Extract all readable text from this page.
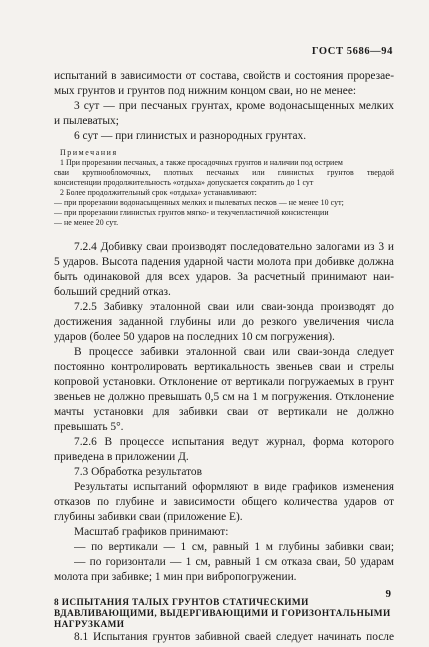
ГОСТ 5686—94
испытаний в зависимости от состава, свойств и состояния прорезае-
мых грунтов и грунтов под нижним концом сваи, но не менее:
3 сут — при песчаных грунтах, кроме водонасыщенных мелких
и пылеватых;
6 сут — при глинистых и разнородных грунтах.
Примечания
1 При прорезании песчаных, а также просадочных грунтов и наличии под острием
сваи крупнообломочных, плотных песчаных или глинистых грунтов твердой
консистенции продолжительность «отдыха» допускается сократить до 1 сут
2 Более продолжительный срок «отдыха» устанавливают:
— при прорезании водонасыщенных мелких и пылеватых песков — не менее 10 сут;
— при прорезании глинистых грунтов мягко- и текучепластичной консистенции
— не менее 20 сут.
7.2.4 Добивку сваи производят последовательно залогами из 3 и
5 ударов. Высота падения ударной части молота при добивке должна
быть одинаковой для всех ударов. За расчетный принимают наи-
больший средний отказ.
7.2.5 Забивку эталонной сваи или сваи-зонда производят до
достижения заданной глубины или до резкого увеличения числа
ударов (более 50 ударов на последних 10 см погружения).
В процессе забивки эталонной сваи или сваи-зонда следует
постоянно контролировать вертикальность звеньев сваи и стрелы
копровой установки. Отклонение от вертикали погружаемых в грунт
звеньев не должно превышать 0,5 см на 1 м погружения. Отклонение
мачты установки для забивки сваи от вертикали не должно
превышать 5°.
7.2.6 В процессе испытания ведут журнал, форма которого
приведена в приложении Д.
7.3 Обработка результатов
Результаты испытаний оформляют в виде графиков изменения
отказов по глубине и зависимости общего количества ударов от
глубины забивки сваи (приложение Е).
Масштаб графиков принимают:
— по вертикали — 1 см, равный 1 м глубины забивки сваи;
— по горизонтали — 1 см, равный 1 см отказа сваи, 50 ударам
молота при забивке; 1 мин при вибропогружении.
8 ИСПЫТАНИЯ ТАЛЫХ ГРУНТОВ СТАТИЧЕСКИМИ
ВДАВЛИВАЮЩИМИ, ВЫДЕРГИВАЮЩИМИ И ГОРИЗОНТАЛЬНЫМИ
НАГРУЗКАМИ
8.1 Испытания грунтов забивной сваей следует начинать после
9
